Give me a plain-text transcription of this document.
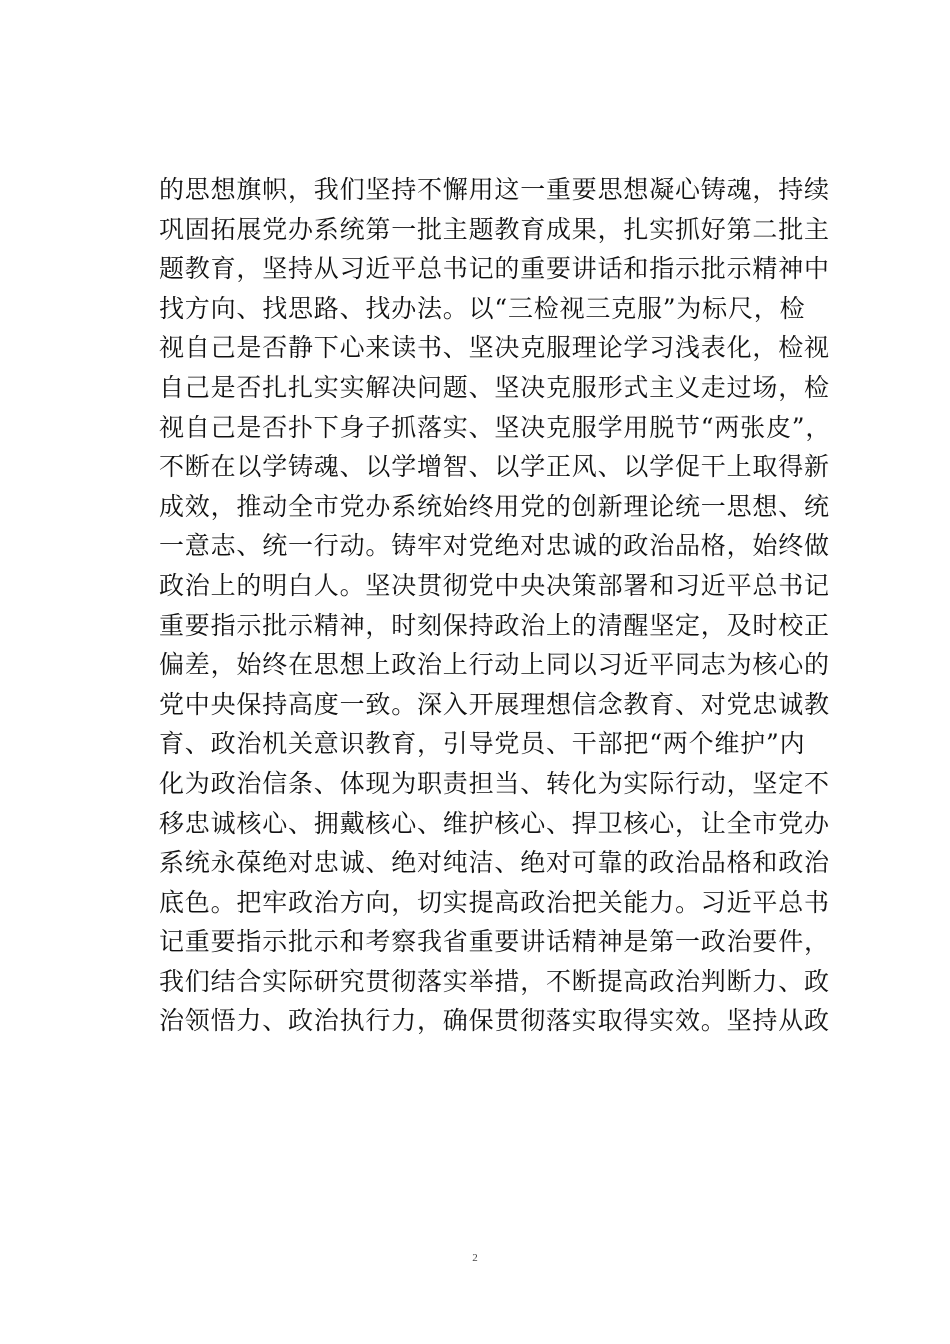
的思想旗帜，我们坚持不懈用这一重要思想凝心铸魂，持续
巩固拓展党办系统第一批主题教育成果，扎实抓好第二批主
题教育，坚持从习近平总书记的重要讲话和指示批示精神中
找方向、找思路、找办法。以“三检视三克服”为标尺，检
视自己是否静下心来读书、坚决克服理论学习浅表化，检视
自己是否扎扎实实解决问题、坚决克服形式主义走过场，检
视自己是否扑下身子抓落实、坚决克服学用脱节“两张皮”，
不断在以学铸魂、以学增智、以学正风、以学促干上取得新
成效，推动全市党办系统始终用党的创新理论统一思想、统
一意志、统一行动。铸牢对党绝对忠诚的政治品格，始终做
政治上的明白人。坚决贯彻党中央决策部署和习近平总书记
重要指示批示精神，时刻保持政治上的清醒坚定，及时校正
偏差，始终在思想上政治上行动上同以习近平同志为核心的
党中央保持高度一致。深入开展理想信念教育、对党忠诚教
育、政治机关意识教育，引导党员、干部把“两个维护”内
化为政治信条、体现为职责担当、转化为实际行动，坚定不
移忠诚核心、拥戴核心、维护核心、捍卫核心，让全市党办
系统永葆绝对忠诚、绝对纯洁、绝对可靠的政治品格和政治
底色。把牢政治方向，切实提高政治把关能力。习近平总书
记重要指示批示和考察我省重要讲话精神是第一政治要件，
我们结合实际研究贯彻落实举措，不断提高政治判断力、政
治领悟力、政治执行力，确保贯彻落实取得实效。坚持从政
2
